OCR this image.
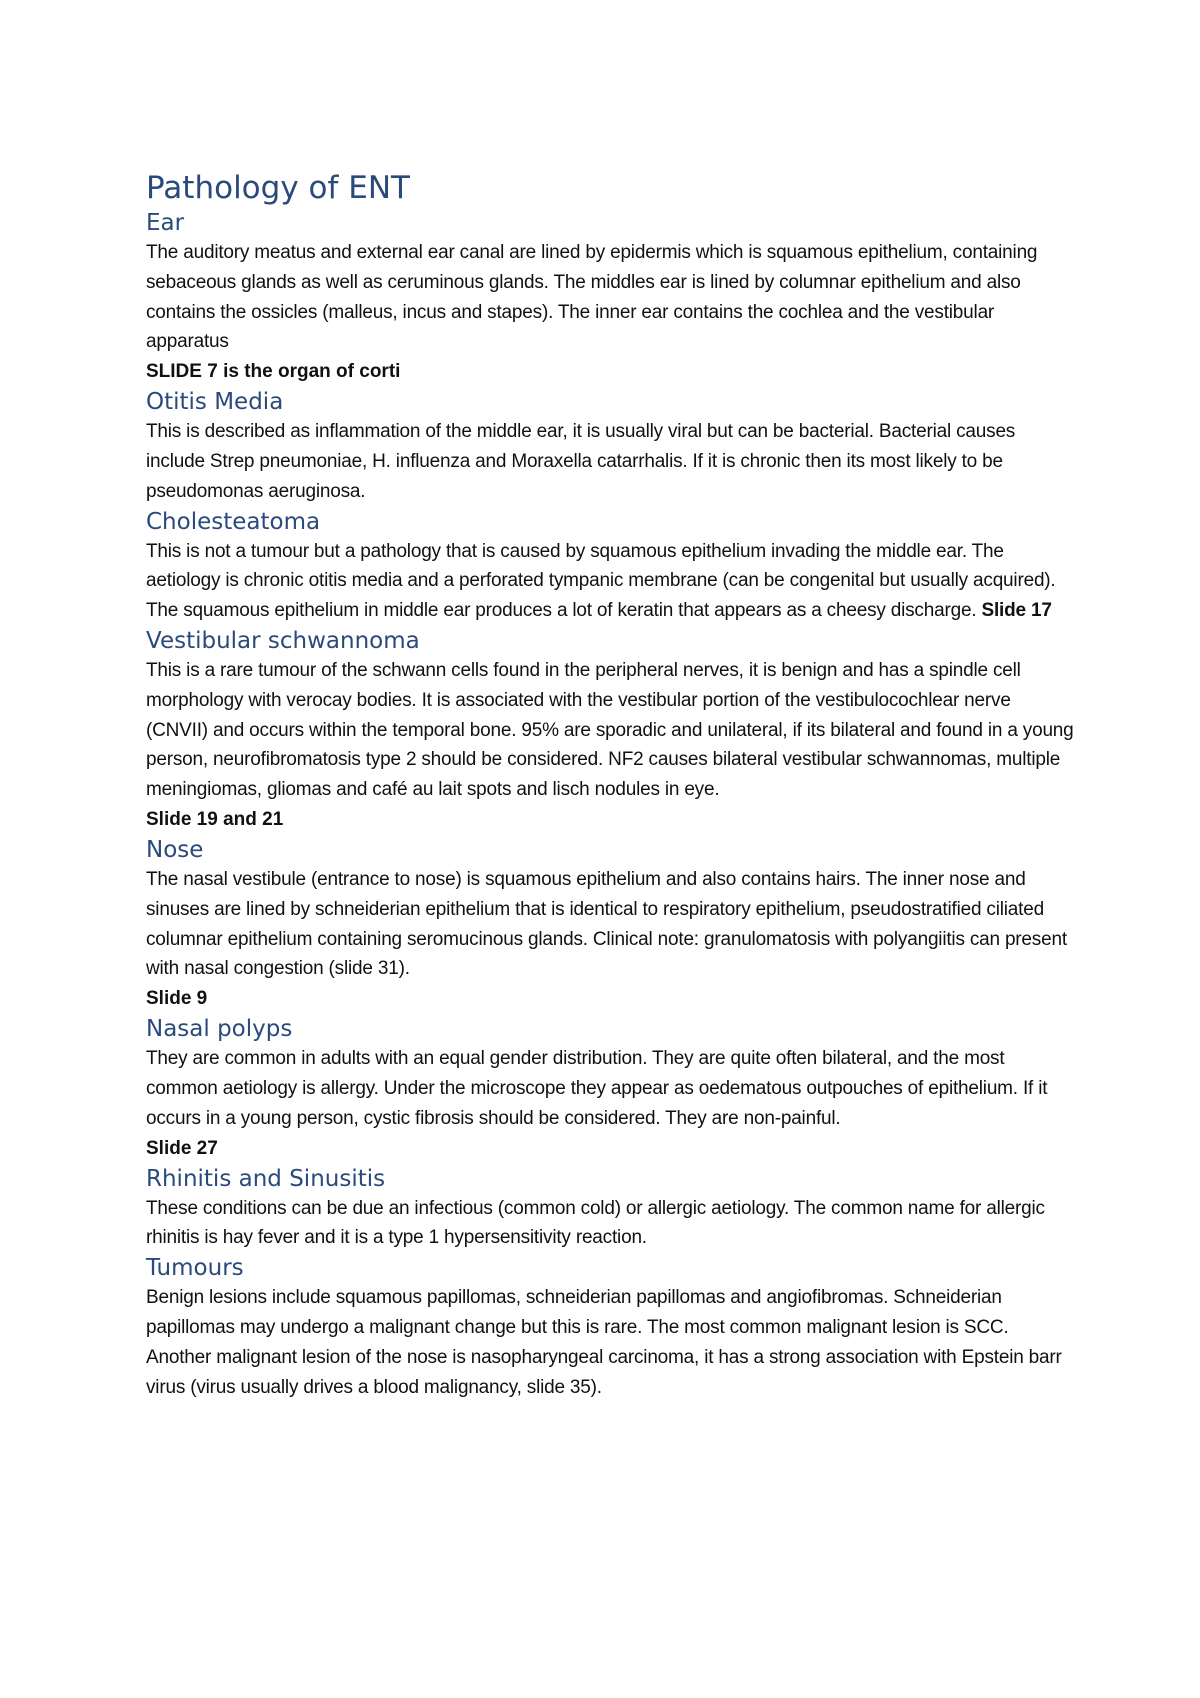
Pathology of ENT
Ear

The auditory meatus and external ear canal are lined by epidermis which is squamous epithelium, containing sebaceous glands as well as ceruminous glands. The middles ear is lined by columnar epithelium and also contains the ossicles (malleus, incus and stapes). The inner ear contains the cochlea and the vestibular apparatus

SLIDE 7 is the organ of corti

Otitis Media

This is described as inflammation of the middle ear, it is usually viral but can be bacterial. Bacterial causes include Strep pneumoniae, H. influenza and Moraxella catarrhalis. If it is chronic then its most likely to be pseudomonas aeruginosa.

Cholesteatoma

This is not a tumour but a pathology that is caused by squamous epithelium invading the middle ear. The aetiology is chronic otitis media and a perforated tympanic membrane (can be congenital but usually acquired). The squamous epithelium in middle ear produces a lot of keratin that appears as a cheesy discharge. Slide 17

Vestibular schwannoma

This is a rare tumour of the schwann cells found in the peripheral nerves, it is benign and has a spindle cell morphology with verocay bodies. It is associated with the vestibular portion of the vestibulocochlear nerve (CNVII) and occurs within the temporal bone. 95% are sporadic and unilateral, if its bilateral and found in a young person, neurofibromatosis type 2 should be considered. NF2 causes bilateral vestibular schwannomas, multiple meningiomas, gliomas and café au lait spots and lisch nodules in eye.

Slide 19 and 21

Nose

The nasal vestibule (entrance to nose) is squamous epithelium and also contains hairs. The inner nose and sinuses are lined by schneiderian epithelium that is identical to respiratory epithelium, pseudostratified ciliated columnar epithelium containing seromucinous glands. Clinical note: granulomatosis with polyangiitis can present with nasal congestion (slide 31).

Slide 9

Nasal polyps

They are common in adults with an equal gender distribution. They are quite often bilateral, and the most common aetiology is allergy. Under the microscope they appear as oedematous outpouches of epithelium. If it occurs in a young person, cystic fibrosis should be considered. They are non-painful.

Slide 27

Rhinitis and Sinusitis

These conditions can be due an infectious (common cold) or allergic aetiology. The common name for allergic rhinitis is hay fever and it is a type 1 hypersensitivity reaction.

Tumours

Benign lesions include squamous papillomas, schneiderian papillomas and angiofibromas. Schneiderian papillomas may undergo a malignant change but this is rare. The most common malignant lesion is SCC. Another malignant lesion of the nose is nasopharyngeal carcinoma, it has a strong association with Epstein barr virus (virus usually drives a blood malignancy, slide 35).
